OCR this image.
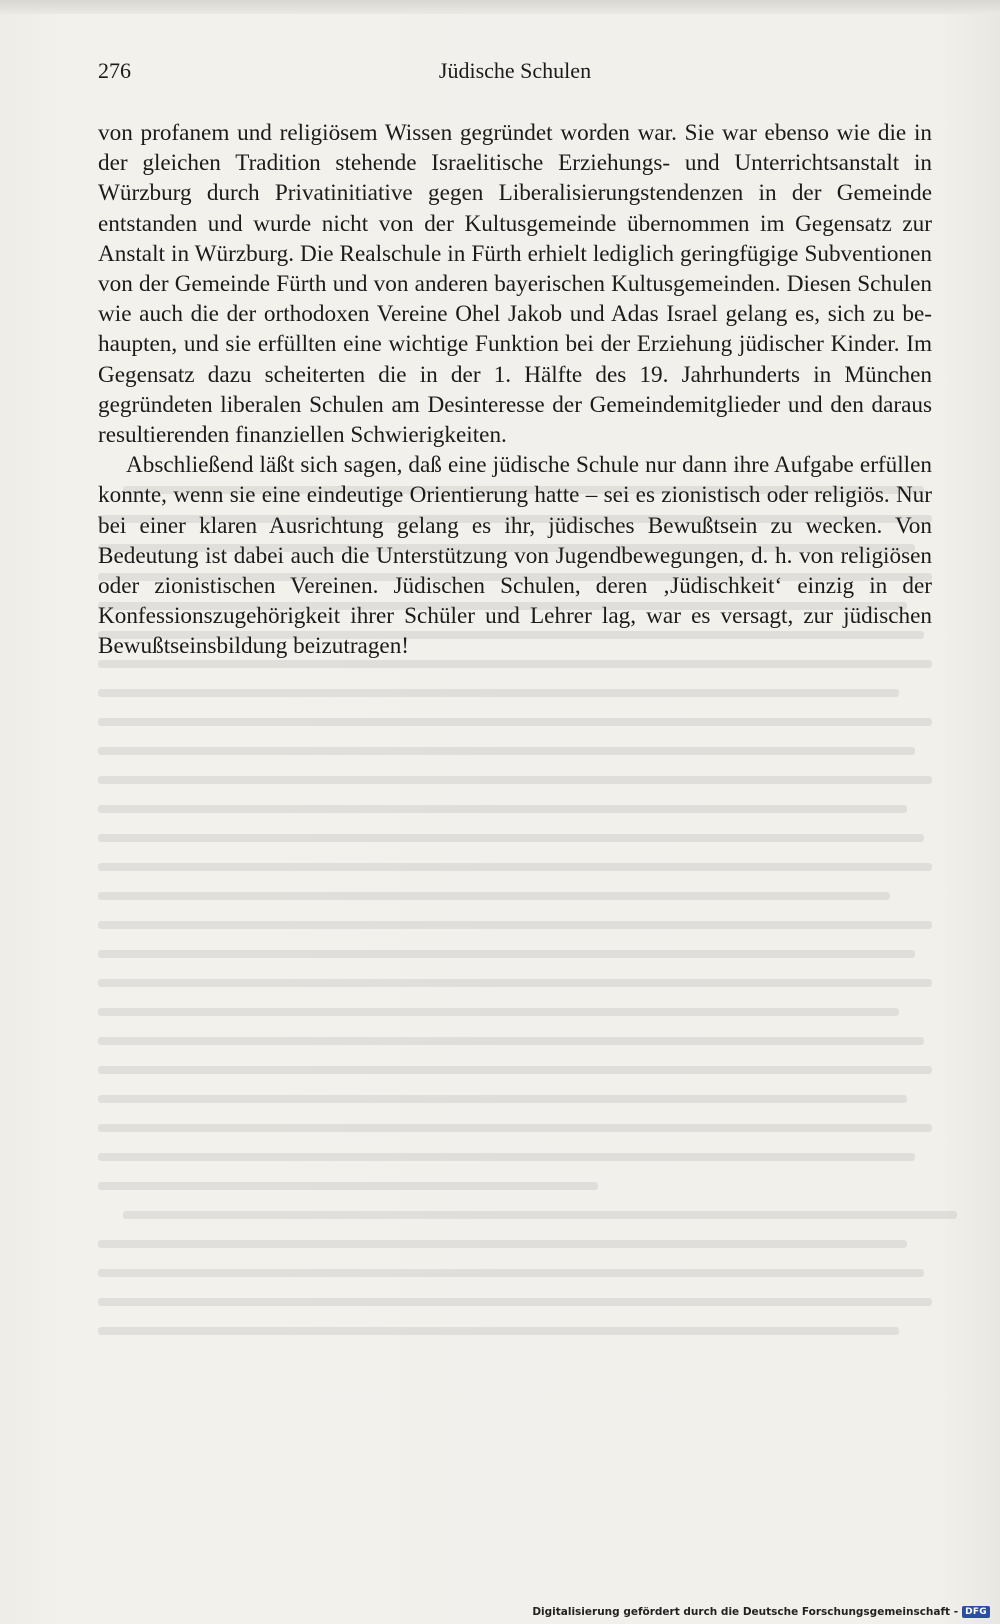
276	Jüdische Schulen

von profanem und religiösem Wissen gegründet worden war. Sie war ebenso wie die in der gleichen Tradition stehende Israelitische Erziehungs- und Unterrichtsanstalt in Würzburg durch Privatinitiative gegen Liberalisierungstendenzen in der Gemeinde entstanden und wurde nicht von der Kultusgemeinde übernommen im Gegensatz zur Anstalt in Würzburg. Die Realschule in Fürth erhielt lediglich geringfügige Subventionen von der Gemeinde Fürth und von anderen bayerischen Kultusgemeinden. Diesen Schulen wie auch die der orthodoxen Vereine Ohel Jakob und Adas Israel gelang es, sich zu behaupten, und sie erfüllten eine wichtige Funktion bei der Erziehung jüdischer Kinder. Im Gegensatz dazu scheiterten die in der 1. Hälfte des 19. Jahrhunderts in München gegründeten liberalen Schulen am Desinteresse der Gemeindemitglieder und den daraus resultierenden finanziellen Schwierigkeiten.

Abschließend läßt sich sagen, daß eine jüdische Schule nur dann ihre Aufgabe erfüllen konnte, wenn sie eine eindeutige Orientierung hatte – sei es zionistisch oder religiös. Nur bei einer klaren Ausrichtung gelang es ihr, jüdisches Bewußtsein zu wecken. Von Bedeutung ist dabei auch die Unterstützung von Jugendbewegungen, d. h. von religiösen oder zionistischen Vereinen. Jüdischen Schulen, deren ‚Jüdischkeit‘ einzig in der Konfessionszugehörigkeit ihrer Schüler und Lehrer lag, war es versagt, zur jüdischen Bewußtseinsbildung beizutragen!

Digitalisierung gefördert durch die Deutsche Forschungsgemeinschaft - DFG
